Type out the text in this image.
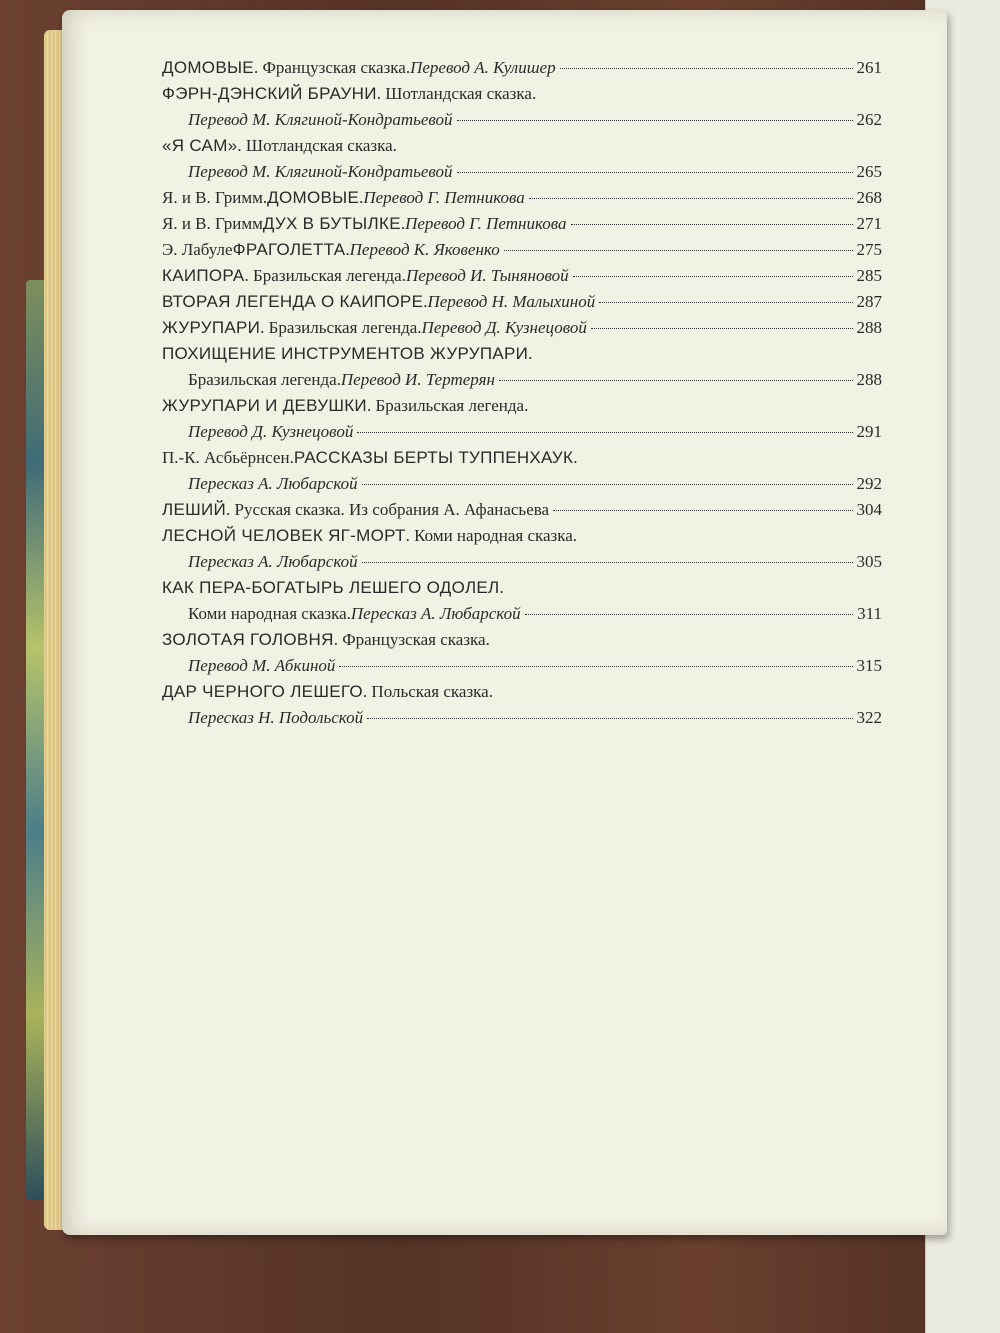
ДОМОВЫЕ . Французская сказка. Перевод А. Кулишер	261
ФЭРН-ДЭНСКИЙ БРАУНИ . Шотландская сказка.
Перевод М. Клягиной-Кондратьевой	262
«Я САМ» . Шотландская сказка.
Перевод М. Клягиной-Кондратьевой	265
Я. и В. Гримм. ДОМОВЫЕ . Перевод Г. Петникова	268
Я. и В. Гримм ДУХ В БУТЫЛКЕ . Перевод Г. Петникова	271
Э. Лабуле ФРАГОЛЕТТА . Перевод К. Яковенко	275
КАИПОРА . Бразильская легенда. Перевод И. Тыняновой	285
ВТОРАЯ ЛЕГЕНДА О КАИПОРЕ . Перевод Н. Малыхиной	287
ЖУРУПАРИ . Бразильская легенда. Перевод Д. Кузнецовой	288
ПОХИЩЕНИЕ ИНСТРУМЕНТОВ ЖУРУПАРИ .
Бразильская легенда. Перевод И. Тертерян	288
ЖУРУПАРИ И ДЕВУШКИ . Бразильская легенда.
Перевод Д. Кузнецовой	291
П.-К. Асбьёрнсен. РАССКАЗЫ БЕРТЫ ТУППЕНХАУК .
Пересказ А. Любарской	292
ЛЕШИЙ . Русская сказка. Из собрания А. Афанасьева	304
ЛЕСНОЙ ЧЕЛОВЕК ЯГ-МОРТ . Коми народная сказка.
Пересказ А. Любарской	305
КАК ПЕРА-БОГАТЫРЬ ЛЕШЕГО ОДОЛЕЛ .
Коми народная сказка. Пересказ А. Любарской	311
ЗОЛОТАЯ ГОЛОВНЯ . Французская сказка.
Перевод М. Абкиной	315
ДАР ЧЕРНОГО ЛЕШЕГО . Польская сказка.
Пересказ Н. Подольской	322
